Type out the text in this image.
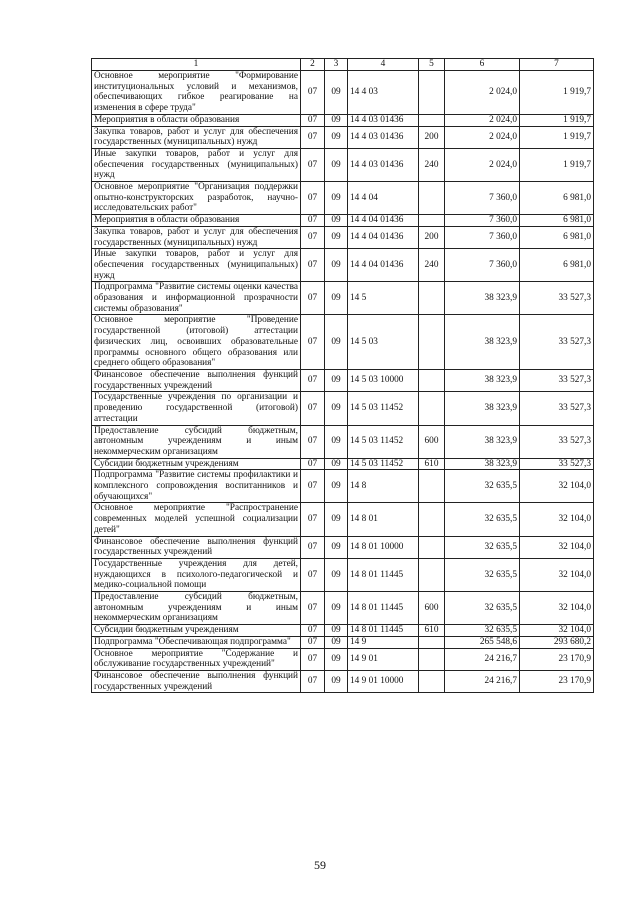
1	2	3	4	5	6	7
Основное мероприятие "Формирование институциональных условий и механизмов, обеспечивающих гибкое реагирование на изменения в сфере труда"	07	09	14 4 03		2 024,0	1 919,7
Мероприятия в области образования	07	09	14 4 03 01436		2 024,0	1 919,7
Закупка товаров, работ и услуг для обеспечения государственных (муниципальных) нужд	07	09	14 4 03 01436	200	2 024,0	1 919,7
Иные закупки товаров, работ и услуг для обеспечения государственных (муниципальных) нужд	07	09	14 4 03 01436	240	2 024,0	1 919,7
Основное мероприятие "Организация поддержки опытно-конструкторских разработок, научно-исследовательских работ"	07	09	14 4 04		7 360,0	6 981,0
Мероприятия в области образования	07	09	14 4 04 01436		7 360,0	6 981,0
Закупка товаров, работ и услуг для обеспечения государственных (муниципальных) нужд	07	09	14 4 04 01436	200	7 360,0	6 981,0
Иные закупки товаров, работ и услуг для обеспечения государственных (муниципальных) нужд	07	09	14 4 04 01436	240	7 360,0	6 981,0
Подпрограмма "Развитие системы оценки качества образования и информационной прозрачности системы образования"	07	09	14 5		38 323,9	33 527,3
Основное мероприятие "Проведение государственной (итоговой) аттестации физических лиц, освоивших образовательные программы основного общего образования или среднего общего образования"	07	09	14 5 03		38 323,9	33 527,3
Финансовое обеспечение выполнения функций государственных учреждений	07	09	14 5 03 10000		38 323,9	33 527,3
Государственные учреждения по организации и проведению государственной (итоговой) аттестации	07	09	14 5 03 11452		38 323,9	33 527,3
Предоставление субсидий бюджетным, автономным учреждениям и иным некоммерческим организациям	07	09	14 5 03 11452	600	38 323,9	33 527,3
Субсидии бюджетным учреждениям	07	09	14 5 03 11452	610	38 323,9	33 527,3
Подпрограмма "Развитие системы профилактики и комплексного сопровождения воспитанников и обучающихся"	07	09	14 8		32 635,5	32 104,0
Основное мероприятие "Распространение современных моделей успешной социализации детей"	07	09	14 8 01		32 635,5	32 104,0
Финансовое обеспечение выполнения функций государственных учреждений	07	09	14 8 01 10000		32 635,5	32 104,0
Государственные учреждения для детей, нуждающихся в психолого-педагогической и медико-социальной помощи	07	09	14 8 01 11445		32 635,5	32 104,0
Предоставление субсидий бюджетным, автономным учреждениям и иным некоммерческим организациям	07	09	14 8 01 11445	600	32 635,5	32 104,0
Субсидии бюджетным учреждениям	07	09	14 8 01 11445	610	32 635,5	32 104,0
Подпрограмма "Обеспечивающая подпрограмма"	07	09	14 9		265 548,6	293 680,2
Основное мероприятие "Содержание и обслуживание государственных учреждений"	07	09	14 9 01		24 216,7	23 170,9
Финансовое обеспечение выполнения функций государственных учреждений	07	09	14 9 01 10000		24 216,7	23 170,9
59
